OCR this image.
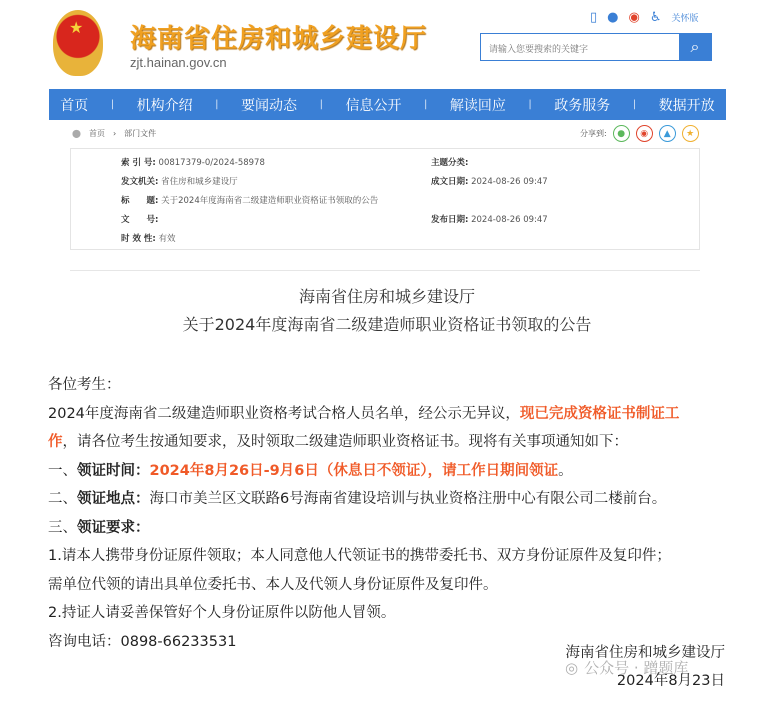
★ 海南省住房和城乡建设厅
zjt.hainan.gov.cn
▯ ● ◉ ♿ 关怀版
请输入您要搜索的关键字	⌕
首页 | 机构介绍 | 要闻动态 | 信息公开 | 解读回应 | 政务服务 | 数据开放
⬤ 首页 › 部门文件	分享到:	●	◉	▲	★
索 引 号: 00817379-0/2024-58978	主题分类:
发文机关: 省住房和城乡建设厅	成文日期: 2024-08-26 09:47
标　　题: 关于2024年度海南省二级建造师职业资格证书领取的公告
文　　号:	发布日期: 2024-08-26 09:47
时 效 性: 有效
海南省住房和城乡建设厅
关于2024年度海南省二级建造师职业资格证书领取的公告

各位考生：

2024年度海南省二级建造师职业资格考试合格人员名单，经公示无异议，现已完成资格证书制证工

作，请各位考生按通知要求，及时领取二级建造师职业资格证书。现将有关事项通知如下：

一、领证时间：2024年8月26日-9月6日（休息日不领证），请工作日期间领证。

二、领证地点：海口市美兰区文联路6号海南省建设培训与执业资格注册中心有限公司二楼前台。

三、领证要求：

1.请本人携带身份证原件领取；本人同意他人代领证书的携带委托书、双方身份证原件及复印件；

需单位代领的请出具单位委托书、本人及代领人身份证原件及复印件。

2.持证人请妥善保管好个人身份证原件以防他人冒领。

咨询电话：0898-66233531

海南省住房和城乡建设厅
◎ 公众号 · 蹭题库
2024年8月23日
